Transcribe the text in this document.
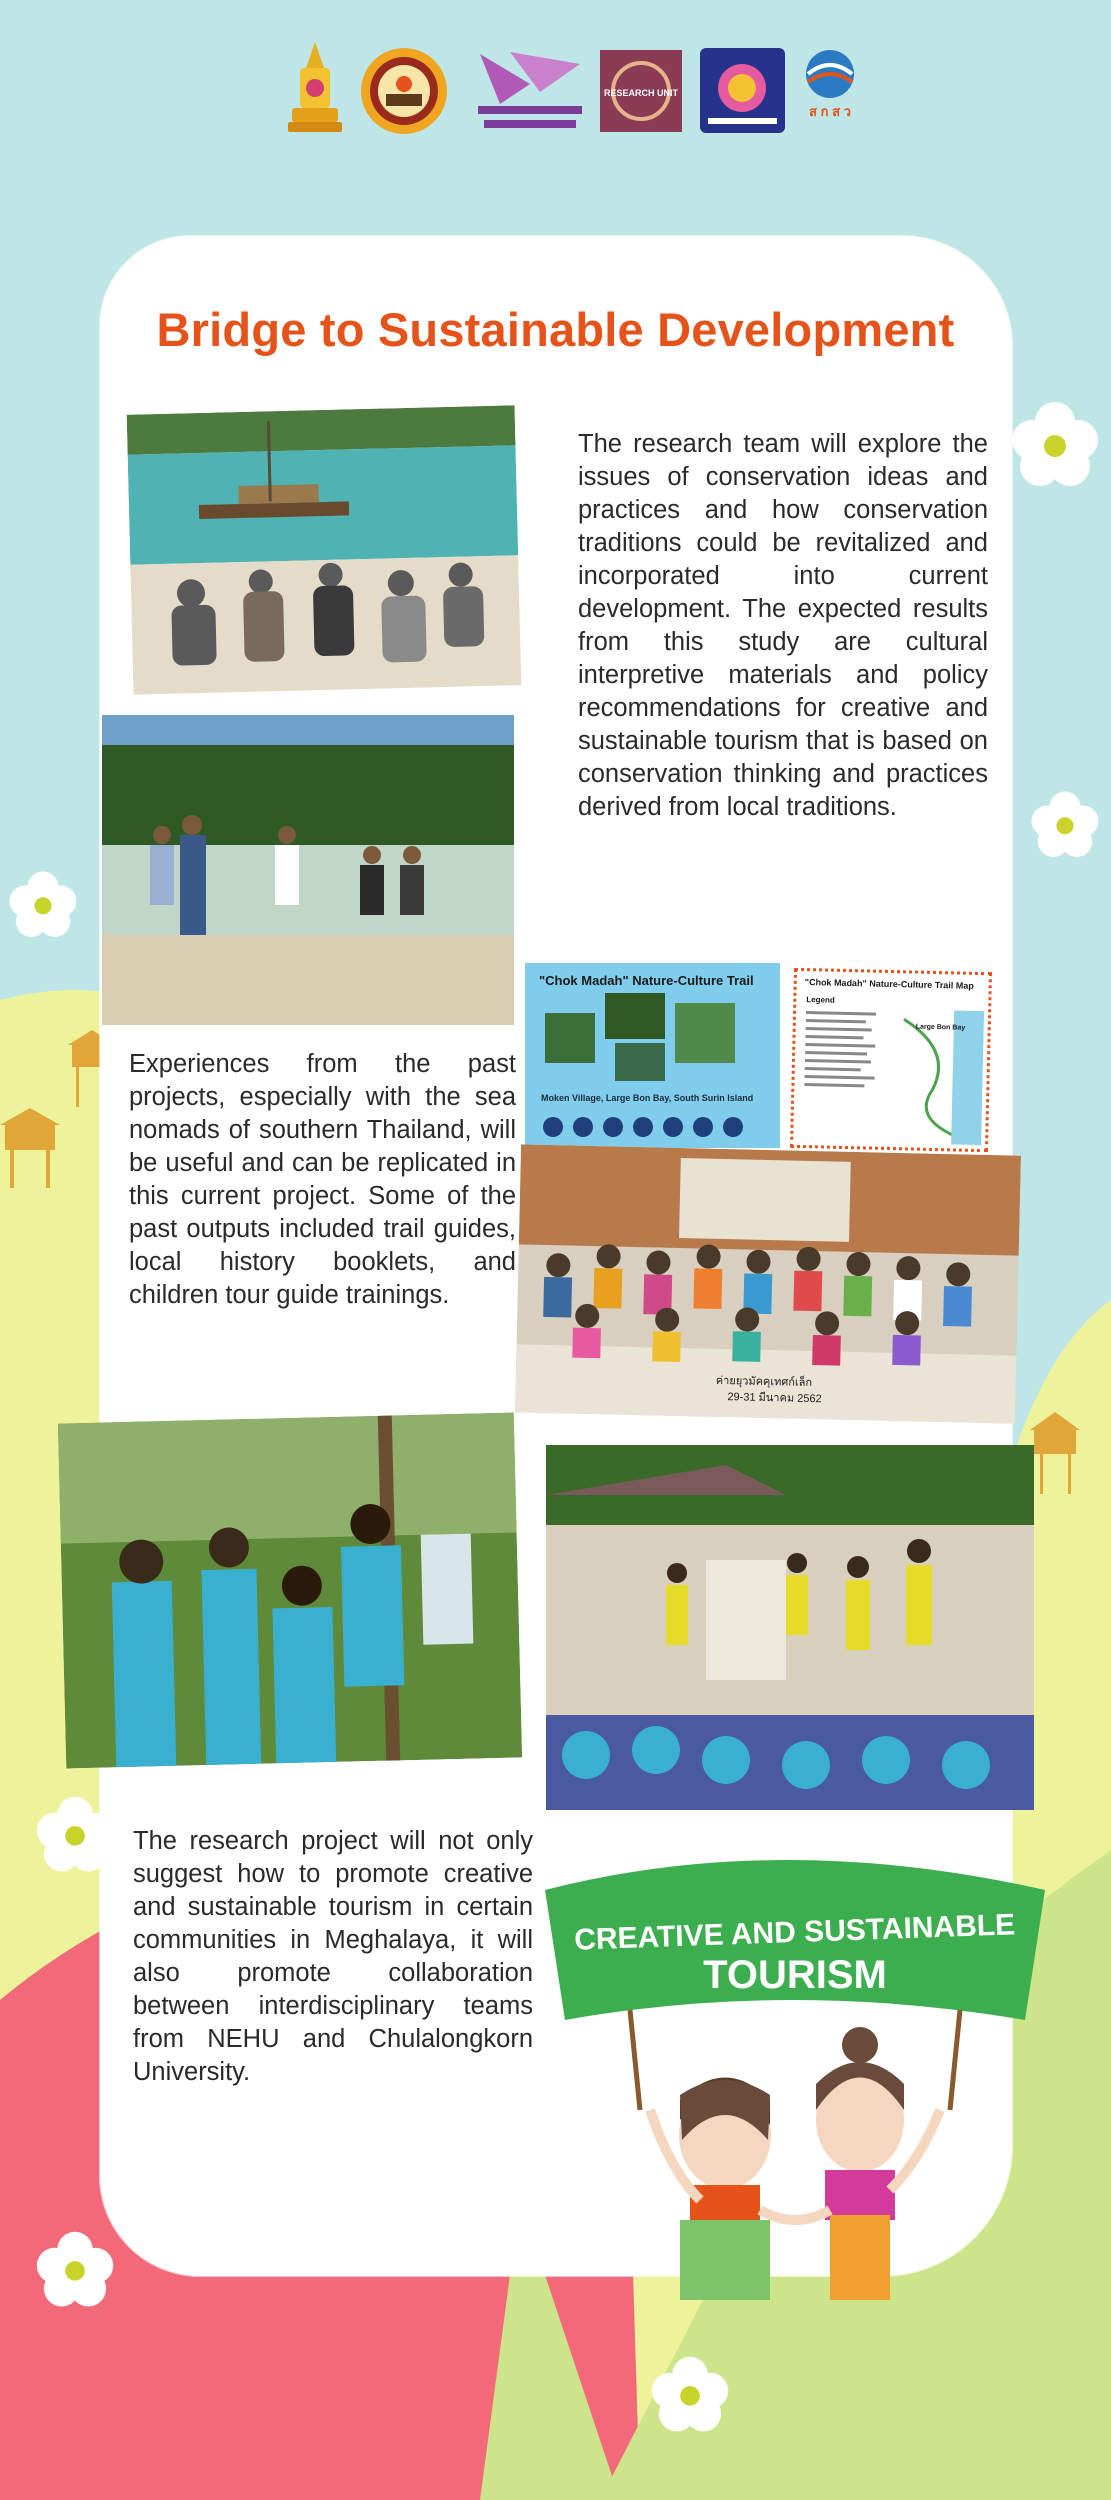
RESEARCH UNIT
ส ก ส ว
Bridge to Sustainable Development

The research team will explore the issues of conservation ideas and practices and how conservation traditions could be revitalized and incorporated into current development. The expected results from this study are cultural interpretive materials and policy recommendations for creative and sustainable tourism that is based on conservation thinking and practices derived from local traditions.

"Chok Madah" Nature-Culture Trail
Moken Village, Large Bon Bay, South Surin Island
"Chok Madah" Nature-Culture Trail Map
Legend
Large Bon Bay

Experiences from the past projects, especially with the sea nomads of southern Thailand, will be useful and can be replicated in this current project. Some of the past outputs included trail guides, local history booklets, and children tour guide trainings.

ค่ายยุวมัคคุเทศก์เล็ก
29-31 มีนาคม 2562

The research project will not only suggest how to promote creative and sustainable tourism in certain communities in Meghalaya, it will also promote collaboration between interdisciplinary teams from NEHU and Chulalongkorn University.

CREATIVE AND SUSTAINABLE
TOURISM
